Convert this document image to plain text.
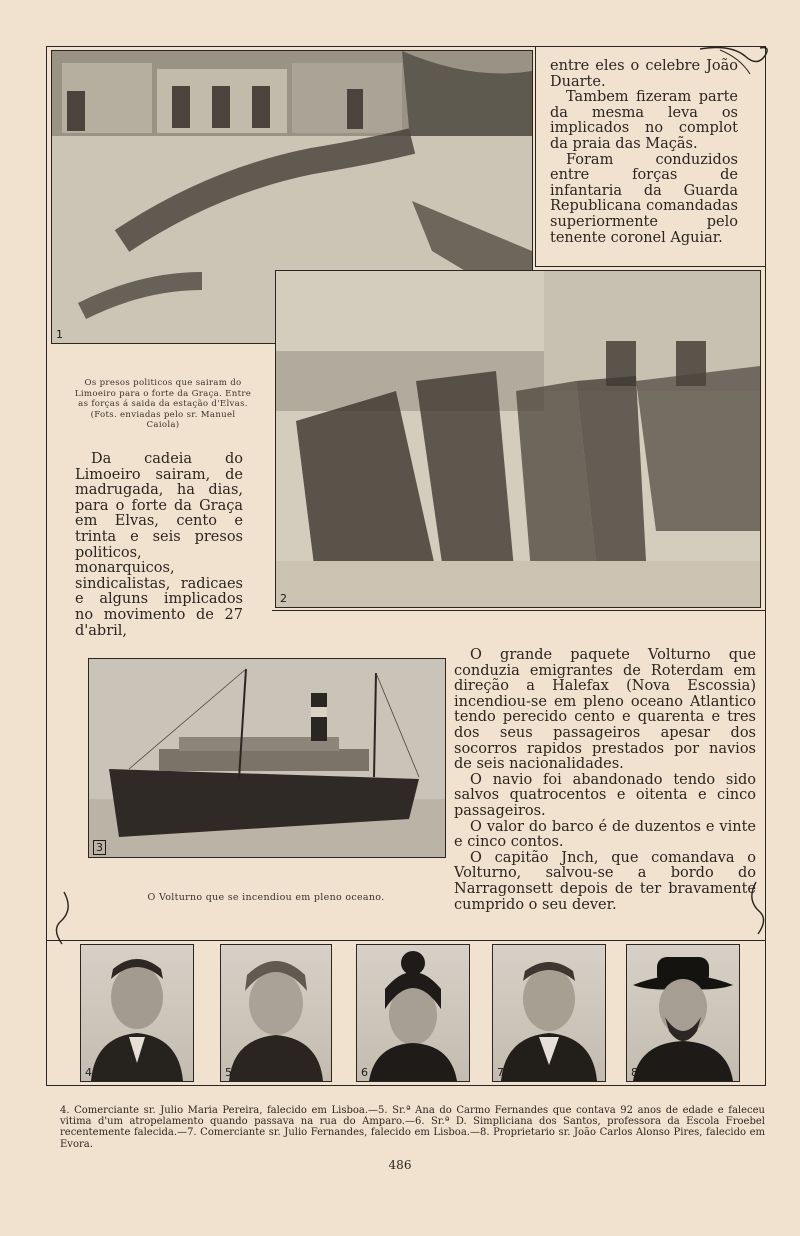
1

entre eles o celebre João Duarte.

Tambem fizeram parte da mesma leva os implicados no complot da praia das Maçãs.

Foram conduzidos entre forças de infantaria da Guarda Republicana comandadas superiormente pelo tenente coronel Aguiar.

2
Os presos politicos que sairam do Limoeiro para o forte da Graça. Entre as forças á saida da estação d'Elvas. (Fots. enviadas pelo sr. Manuel Caiola)

Da cadeia do Limoeiro sairam, de madrugada, ha dias, para o forte da Graça em Elvas, cento e trinta e seis presos politicos, monarquicos, sindicalistas, radicaes e alguns implicados no movimento de 27 d'abril,

3
O Volturno que se incendiou em pleno oceano.

O grande paquete Volturno que conduzia emigrantes de Roterdam em direção a Halefax (Nova Escossia) incendiou-se em pleno oceano Atlantico tendo perecido cento e quarenta e tres dos seus passageiros apesar dos socorros rapidos prestados por navios de seis nacionalidades.

O navio foi abandonado tendo sido salvos quatrocentos e oitenta e cinco passageiros.

O valor do barco é de duzentos e vinte e cinco contos.

O capitão Jnch, que comandava o Volturno, salvou-se a bordo do Narragonsett depois de ter bravamente cumprido o seu dever.

4	5	6	7	8
4. Comerciante sr. Julio Maria Pereira, falecido em Lisboa.—5. Sr.ª Ana do Carmo Fernandes que contava 92 anos de edade e faleceu vitima d'um atropelamento quando passava na rua do Amparo.—6. Sr.ª D. Simpliciana dos Santos, professora da Escola Froebel recentemente falecida.—7. Comerciante sr. Julio Fernandes, falecido em Lisboa.—8. Proprietario sr. João Carlos Alonso Pires, falecido em Evora.
486
